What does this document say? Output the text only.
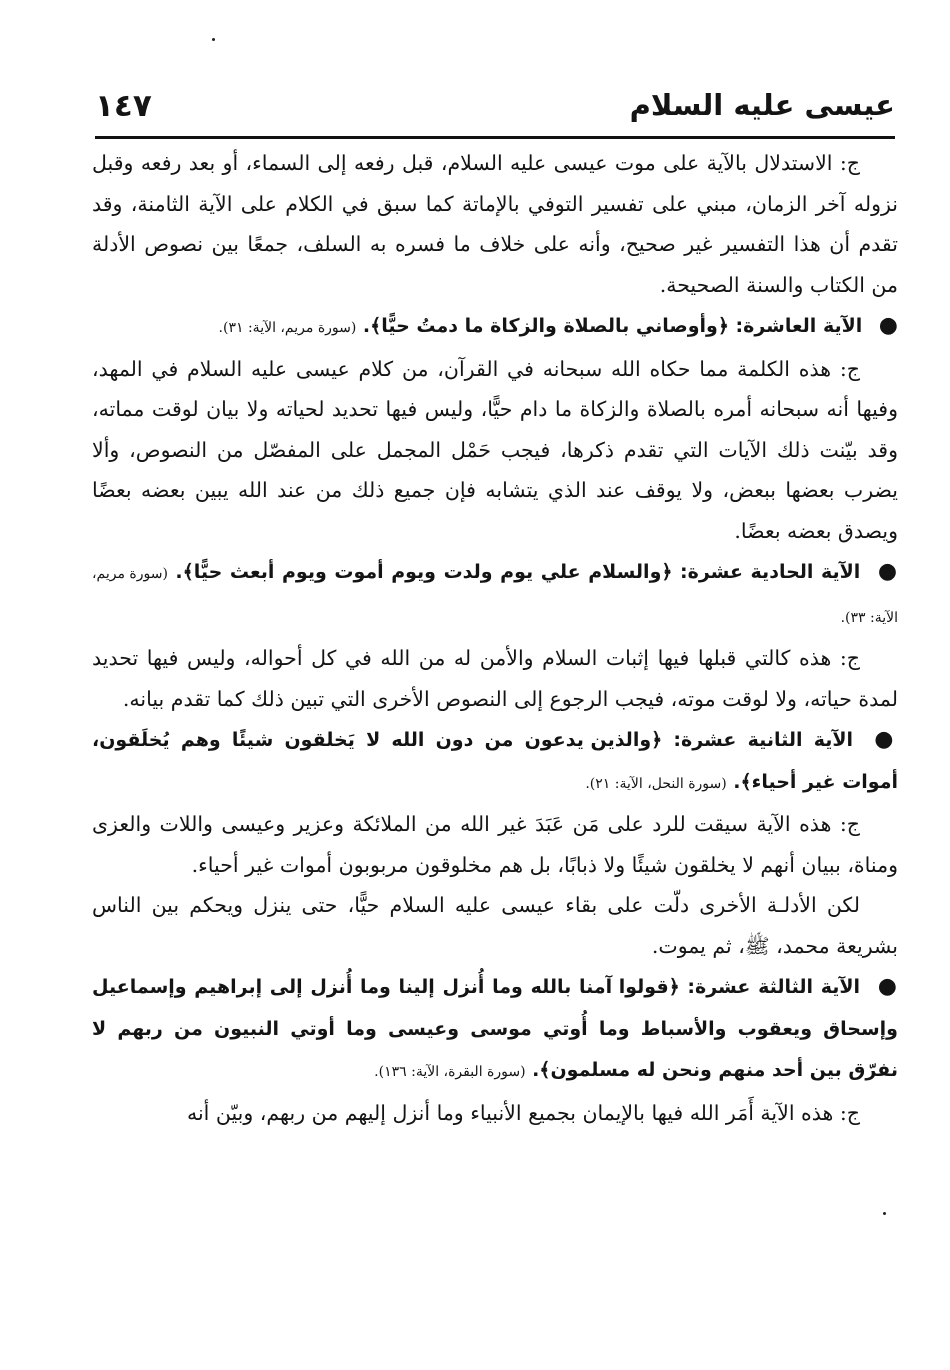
عيسى عليه السلام
١٤٧

ج: الاستدلال بالآية على موت عيسى عليه السلام، قبل رفعه إلى السماء، أو بعد رفعه وقبل نزوله آخر الزمان، مبني على تفسير التوفي بالإماتة كما سبق في الكلام على الآية الثامنة، وقد تقدم أن هذا التفسير غير صحيح، وأنه على خلاف ما فسره به السلف، جمعًا بين نصوص الأدلة من الكتاب والسنة الصحيحة.

● الآية العاشرة: ﴿وأوصاني بالصلاة والزكاة ما دمتُ حيًّا﴾. (سورة مريم، الآية: ٣١).

ج: هذه الكلمة مما حكاه الله سبحانه في القرآن، من كلام عيسى عليه السلام في المهد، وفيها أنه سبحانه أمره بالصلاة والزكاة ما دام حيًّا، وليس فيها تحديد لحياته ولا بيان لوقت مماته، وقد بيّنت ذلك الآيات التي تقدم ذكرها، فيجب حَمْل المجمل على المفصّل من النصوص، وألا يضرب بعضها ببعض، ولا يوقف عند الذي يتشابه فإن جميع ذلك من عند الله يبين بعضه بعضًا ويصدق بعضه بعضًا.

● الآية الحادية عشرة: ﴿والسلام علي يوم ولدت ويوم أموت ويوم أبعث حيًّا﴾. (سورة مريم، الآية: ٣٣).

ج: هذه كالتي قبلها فيها إثبات السلام والأمن له من الله في كل أحواله، وليس فيها تحديد لمدة حياته، ولا لوقت موته، فيجب الرجوع إلى النصوص الأخرى التي تبين ذلك كما تقدم بيانه.

● الآية الثانية عشرة: ﴿والذين يدعون من دون الله لا يَخلقون شيئًا وهم يُخلَقون، أموات غير أحياء﴾. (سورة النحل، الآية: ٢١).

ج: هذه الآية سيقت للرد على مَن عَبَدَ غير الله من الملائكة وعزير وعيسى واللات والعزى ومناة، ببيان أنهم لا يخلقون شيئًا ولا ذبابًا، بل هم مخلوقون مربوبون أموات غير أحياء.

لكن الأدلـة الأخرى دلّت على بقاء عيسى عليه السلام حيًّا، حتى ينزل ويحكم بين الناس بشريعة محمد، ﷺ، ثم يموت.

● الآية الثالثة عشرة: ﴿قولوا آمنا بالله وما أُنزل إلينا وما أُنزل إلى إبراهيم وإسماعيل وإسحاق ويعقوب والأسباط وما أُوتي موسى وعيسى وما أوتي النبيون من ربهم لا نفرّق بين أحد منهم ونحن له مسلمون﴾. (سورة البقرة، الآية: ١٣٦).

ج: هذه الآية أَمَر الله فيها بالإيمان بجميع الأنبياء وما أنزل إليهم من ربهم، وبيّن أنه
